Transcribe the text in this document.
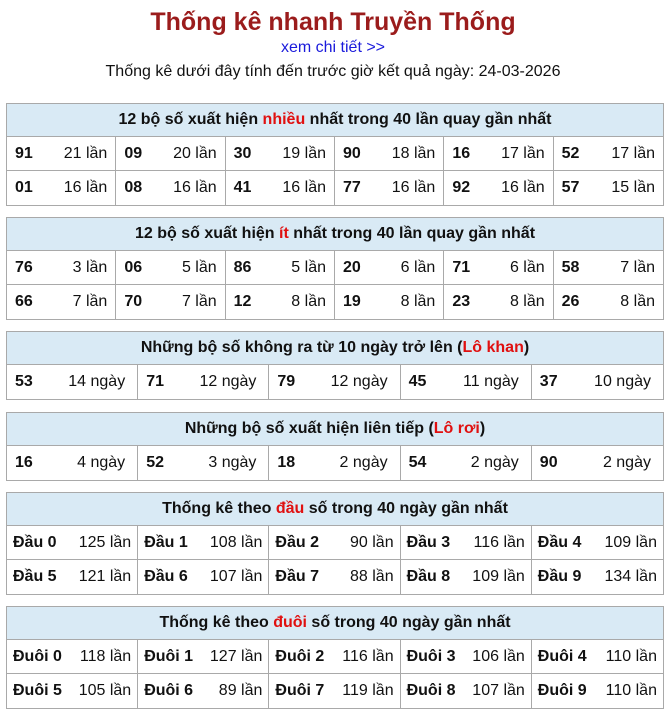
Thống kê nhanh Truyền Thống
xem chi tiết >>
Thống kê dưới đây tính đến trước giờ kết quả ngày: 24-03-2026
12 bộ số xuất hiện nhiều nhất trong 40 lần quay gần nhất
91 21 lần 09 20 lần 30 19 lần 90 18 lần 16 17 lần 52 17 lần
01 16 lần 08 16 lần 41 16 lần 77 16 lần 92 16 lần 57 15 lần
12 bộ số xuất hiện ít nhất trong 40 lần quay gần nhất
76 3 lần 06 5 lần 86 5 lần 20 6 lần 71 6 lần 58	7 lần
66 7 lần 70 7 lần 12 8 lần 19 8 lần 23 8 lần 26	8 lần
Những bộ số không ra từ 10 ngày trở lên (Lô khan)
53 14 ngày 71 12 ngày 79 12 ngày 45 11 ngày 37 10 ngày
Những bộ số xuất hiện liên tiếp (Lô rơi)
16	4 ngày 52	3 ngày 18	2 ngày 54	2 ngày 90	2 ngày
Thống kê theo đầu số trong 40 ngày gần nhất
Đầu 0 125 lần Đầu 1 108 lần Đầu 2 90 lần Đầu 3 116 lần Đầu 4 109 lần
Đầu 5 121 lần Đầu 6 107 lần Đầu 7 88 lần Đầu 8 109 lần Đầu 9 134 lần
Thống kê theo đuôi số trong 40 ngày gần nhất
Đuôi 0 118 lần Đuôi 1 127 lần Đuôi 2 116 lần Đuôi 3 106 lần Đuôi 4 110 lần
Đuôi 5 105 lần Đuôi 6 89 lần Đuôi 7 119 lần Đuôi 8 107 lần Đuôi 9 110 lần
